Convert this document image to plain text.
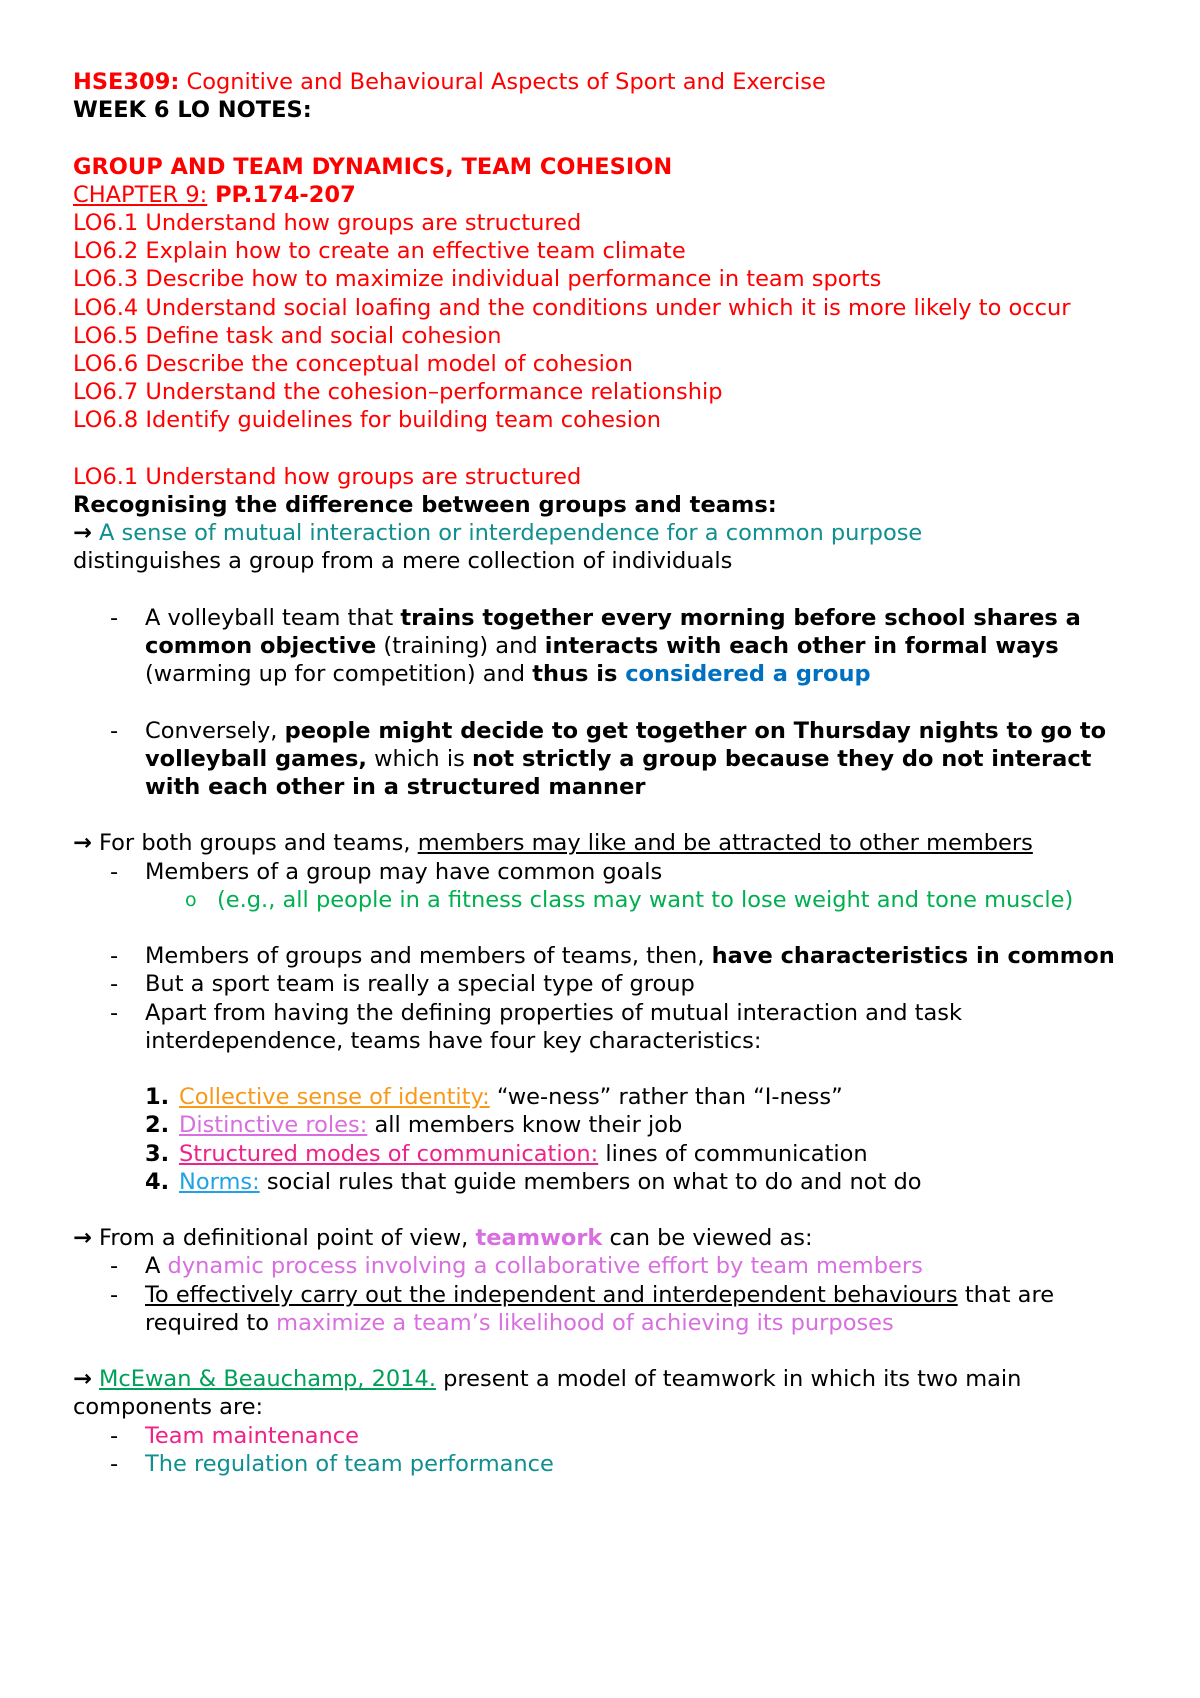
HSE309: Cognitive and Behavioural Aspects of Sport and Exercise

WEEK 6 LO NOTES:

GROUP AND TEAM DYNAMICS, TEAM COHESION

CHAPTER 9: PP.174-207

LO6.1 Understand how groups are structured

LO6.2 Explain how to create an effective team climate

LO6.3 Describe how to maximize individual performance in team sports

LO6.4 Understand social loafing and the conditions under which it is more likely to occur

LO6.5 Define task and social cohesion

LO6.6 Describe the conceptual model of cohesion

LO6.7 Understand the cohesion–performance relationship

LO6.8 Identify guidelines for building team cohesion

LO6.1 Understand how groups are structured

Recognising the difference between groups and teams:

→ A sense of mutual interaction or interdependence for a common purpose

distinguishes a group from a mere collection of individuals

- A volleyball team that trains together every morning before school shares a common objective (training) and interacts with each other in formal ways (warming up for competition) and thus is considered a group

- Conversely, people might decide to get together on Thursday nights to go to volleyball games, which is not strictly a group because they do not interact with each other in a structured manner

→ For both groups and teams, members may like and be attracted to other members

- Members of a group may have common goals

o (e.g., all people in a fitness class may want to lose weight and tone muscle)

- Members of groups and members of teams, then, have characteristics in common

- But a sport team is really a special type of group

- Apart from having the defining properties of mutual interaction and task interdependence, teams have four key characteristics:

1. Collective sense of identity: “we-ness” rather than “I-ness”

2. Distinctive roles: all members know their job

3. Structured modes of communication: lines of communication

4. Norms: social rules that guide members on what to do and not do

→ From a definitional point of view, teamwork can be viewed as:

- A dynamic process involving a collaborative effort by team members

- To effectively carry out the independent and interdependent behaviours that are required to maximize a team’s likelihood of achieving its purposes

→ McEwan & Beauchamp, 2014. present a model of teamwork in which its two main components are:

- Team maintenance

- The regulation of team performance
